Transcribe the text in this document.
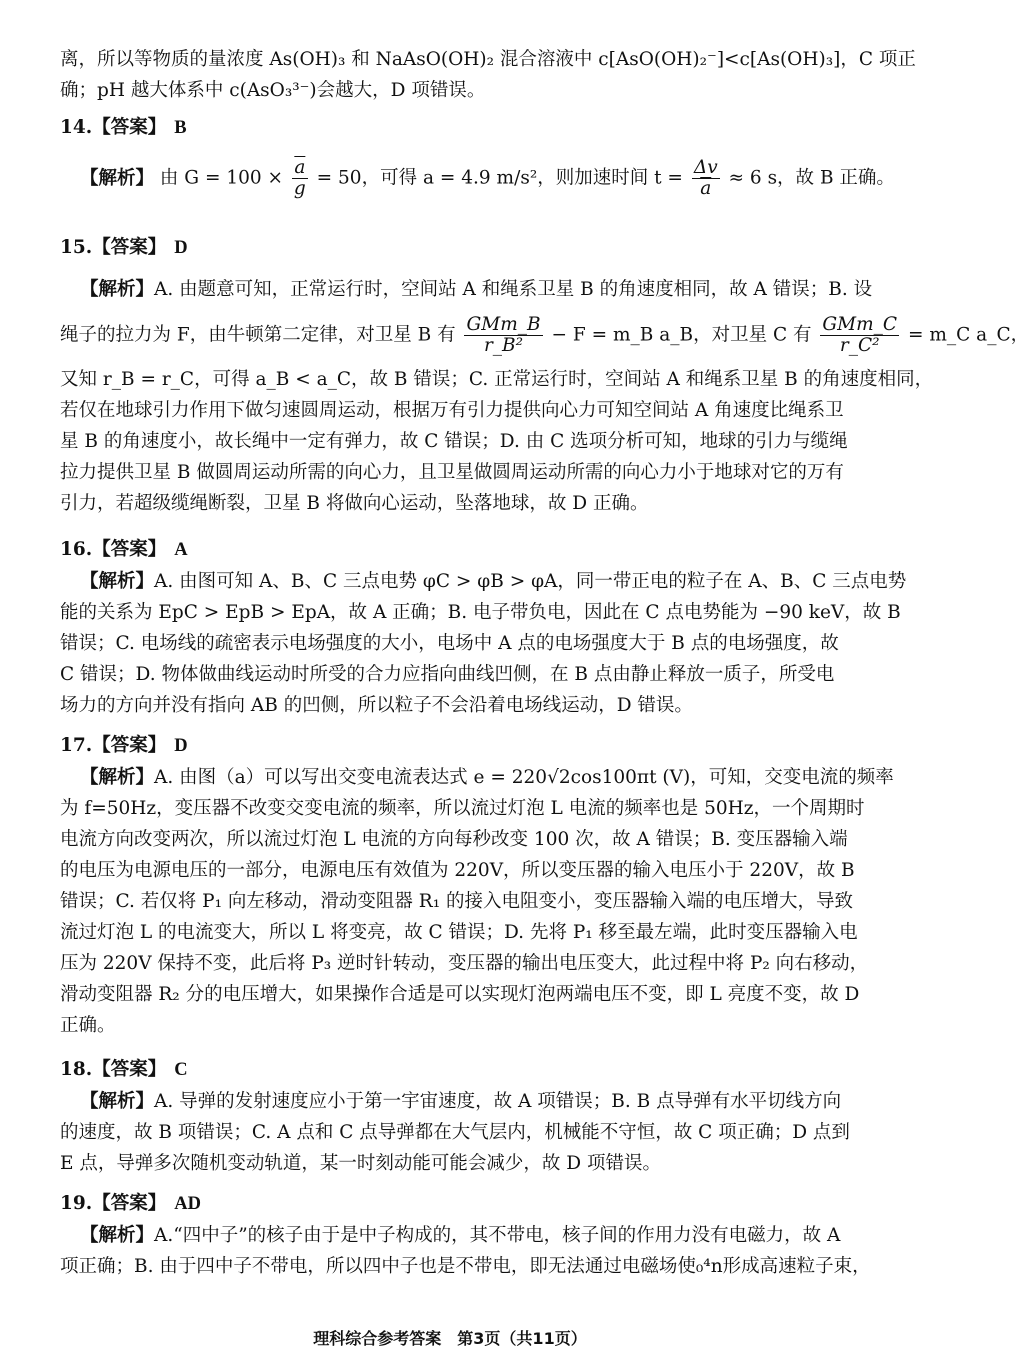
离，所以等物质的量浓度 As(OH)₃ 和 NaAsO(OH)₂ 混合溶液中 c[AsO(OH)₂⁻]<c[As(OH)₃]，C 项正

确；pH 越大体系中 c(AsO₃³⁻)会越大，D 项错误。

14.【答案】 B
【解析】 由 $G = 100 \times \frac{\overline{a}}{g} = 50$，可得 a = 4.9 m/s²，则加速时间 $t = \frac{\Delta v}{a} \approx 6$ s，故 B 正确。
15.【答案】 D

【解析】A. 由题意可知，正常运行时，空间站 A 和绳系卫星 B 的角速度相同，故 A 错误；B. 设

绳子的拉力为 F，由牛顿第二定律，对卫星 B 有 $\frac{\text{GMm\_B}}{\text{r\_B²}} - F$ = m_B a_B，对卫星 C 有 $\frac{\text{GMm\_C}}{\text{r\_C²}}$ = m_C a_C，

又知 r_B = r_C，可得 a_B < a_C，故 B 错误；C. 正常运行时，空间站 A 和绳系卫星 B 的角速度相同，

若仅在地球引力作用下做匀速圆周运动，根据万有引力提供向心力可知空间站 A 角速度比绳系卫

星 B 的角速度小，故长绳中一定有弹力，故 C 错误；D. 由 C 选项分析可知，地球的引力与缆绳

拉力提供卫星 B 做圆周运动所需的向心力，且卫星做圆周运动所需的向心力小于地球对它的万有

引力，若超级缆绳断裂，卫星 B 将做向心运动，坠落地球，故 D 正确。

16.【答案】 A

【解析】A. 由图可知 A、B、C 三点电势 φC > φB > φA，同一带正电的粒子在 A、B、C 三点电势

能的关系为 EpC > EpB > EpA，故 A 正确；B. 电子带负电，因此在 C 点电势能为 −90 keV，故 B

错误；C. 电场线的疏密表示电场强度的大小，电场中 A 点的电场强度大于 B 点的电场强度，故

C 错误；D. 物体做曲线运动时所受的合力应指向曲线凹侧，在 B 点由静止释放一质子，所受电

场力的方向并没有指向 AB 的凹侧，所以粒子不会沿着电场线运动，D 错误。

17.【答案】 D

【解析】A. 由图（a）可以写出交变电流表达式 e = 220√2cos100πt (V)，可知，交变电流的频率

为 f=50Hz，变压器不改变交变电流的频率，所以流过灯泡 L 电流的频率也是 50Hz，一个周期时

电流方向改变两次，所以流过灯泡 L 电流的方向每秒改变 100 次，故 A 错误；B. 变压器输入端

的电压为电源电压的一部分，电源电压有效值为 220V，所以变压器的输入电压小于 220V，故 B

错误；C. 若仅将 P₁ 向左移动，滑动变阻器 R₁ 的接入电阻变小，变压器输入端的电压增大，导致

流过灯泡 L 的电流变大，所以 L 将变亮，故 C 错误；D. 先将 P₁ 移至最左端，此时变压器输入电

压为 220V 保持不变，此后将 P₃ 逆时针转动，变压器的输出电压变大，此过程中将 P₂ 向右移动，

滑动变阻器 R₂ 分的电压增大，如果操作合适是可以实现灯泡两端电压不变，即 L 亮度不变，故 D

正确。

18.【答案】 C

【解析】A. 导弹的发射速度应小于第一宇宙速度，故 A 项错误；B. B 点导弹有水平切线方向

的速度，故 B 项错误；C. A 点和 C 点导弹都在大气层内，机械能不守恒，故 C 项正确；D 点到

E 点，导弹多次随机变动轨道，某一时刻动能可能会减少，故 D 项错误。

19.【答案】 AD

【解析】A.“四中子”的核子由于是中子构成的，其不带电，核子间的作用力没有电磁力，故 A

项正确；B. 由于四中子不带电，所以四中子也是不带电，即无法通过电磁场使₀⁴n形成高速粒子束，

理科综合参考答案　第3页（共11页）
